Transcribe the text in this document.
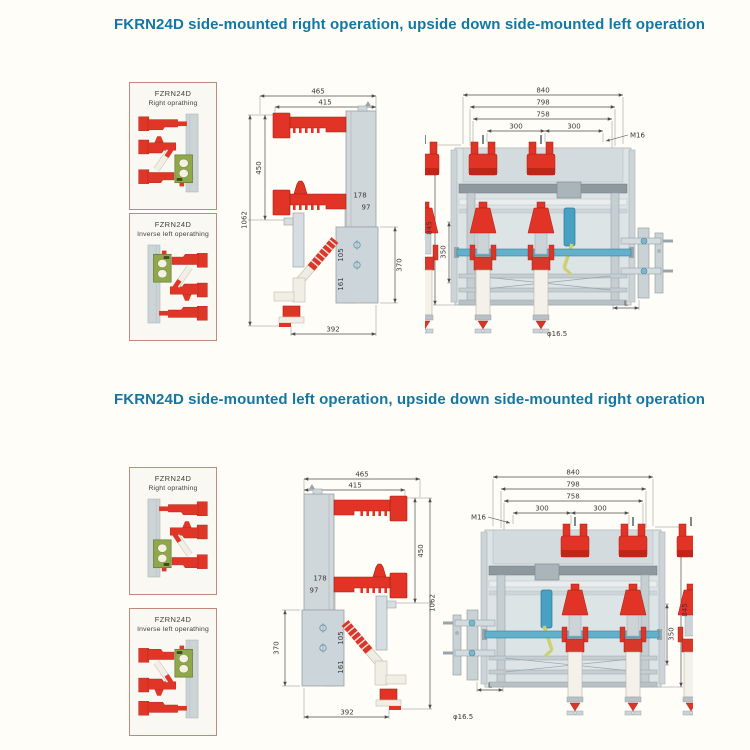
FKRN24D side-mounted right operation, upside down side-mounted left operation
FZRN24D
Right oprathing
FZRN24D
Inverse left operathing
465
415
450
1062
178
97
105
161
370
392
840
798
758
300	300
M16
845
350
L
φ16.5
FKRN24D side-mounted left operation, upside down side-mounted right operation
FZRN24D
Right oprathing
FZRN24D
Inverse left operathing
465
415
450
1062
178
97
105
161
370
392
840
798
758
300	300
M16
845
350
L
φ16.5
